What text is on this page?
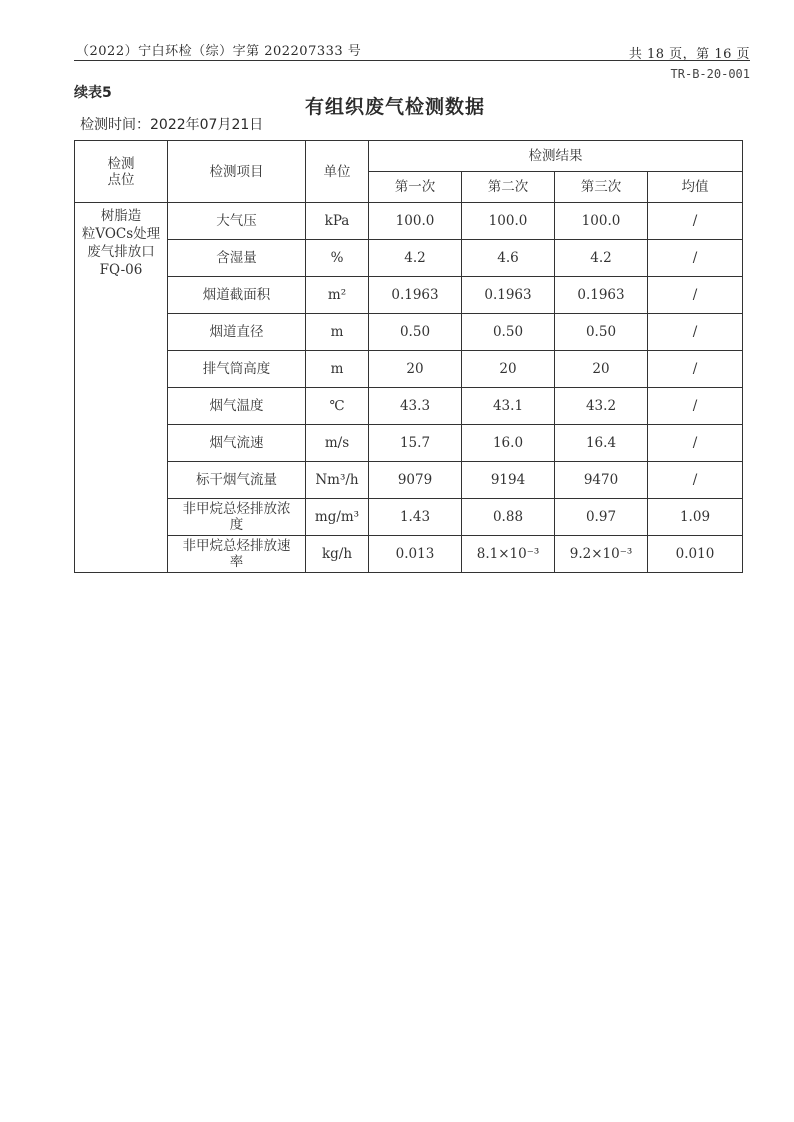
（2022）宁白环检（综）字第 202207333 号	共 18 页，第 16 页
TR-B-20-001
续表5
有组织废气检测数据
检测时间：2022年07月21日
检测
点位	检测项目	单位	检测结果			
			第一次	第二次	第三次	均值
树脂造
粒VOCs处理
废气排放口
FQ-06	大气压	kPa	100.0	100.0	100.0	/
	含湿量	%	4.2	4.6	4.2	/
	烟道截面积	m²	0.1963	0.1963	0.1963	/
	烟道直径	m	0.50	0.50	0.50	/
	排气筒高度	m	20	20	20	/
	烟气温度	℃	43.3	43.1	43.2	/
	烟气流速	m/s	15.7	16.0	16.4	/
	标干烟气流量	Nm³/h	9079	9194	9470	/
	非甲烷总烃排放浓
度	mg/m³	1.43	0.88	0.97	1.09
	非甲烷总烃排放速
率	kg/h	0.013	8.1×10⁻³	9.2×10⁻³	0.010
